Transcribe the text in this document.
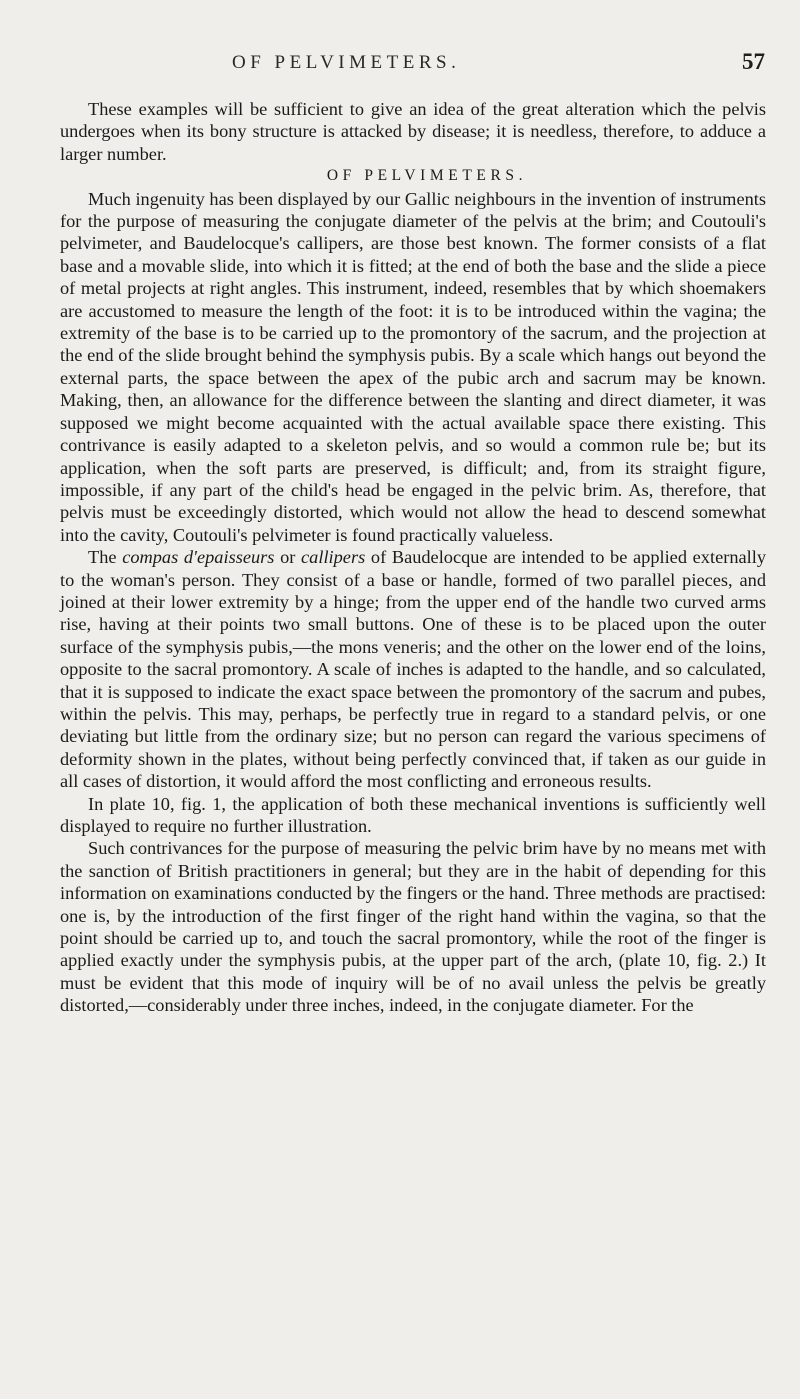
OF PELVIMETERS.	57

These examples will be sufficient to give an idea of the great alteration which the pelvis undergoes when its bony structure is attacked by disease; it is needless, therefore, to adduce a larger number.

OF PELVIMETERS.

Much ingenuity has been displayed by our Gallic neighbours in the invention of instruments for the purpose of measuring the conjugate diameter of the pelvis at the brim; and Coutouli's pelvimeter, and Baudelocque's callipers, are those best known. The former consists of a flat base and a movable slide, into which it is fitted; at the end of both the base and the slide a piece of metal projects at right angles. This instrument, indeed, resembles that by which shoemakers are accustomed to measure the length of the foot: it is to be introduced within the vagina; the extremity of the base is to be carried up to the promontory of the sacrum, and the projection at the end of the slide brought behind the symphysis pubis. By a scale which hangs out beyond the external parts, the space between the apex of the pubic arch and sacrum may be known. Making, then, an allowance for the difference between the slanting and direct diameter, it was supposed we might become acquainted with the actual available space there existing. This contrivance is easily adapted to a skeleton pelvis, and so would a common rule be; but its application, when the soft parts are preserved, is difficult; and, from its straight figure, impossible, if any part of the child's head be engaged in the pelvic brim. As, therefore, that pelvis must be exceedingly distorted, which would not allow the head to descend somewhat into the cavity, Coutouli's pelvimeter is found practically valueless.

The compas d'epaisseurs or callipers of Baudelocque are intended to be applied externally to the woman's person. They consist of a base or handle, formed of two parallel pieces, and joined at their lower extremity by a hinge; from the upper end of the handle two curved arms rise, having at their points two small buttons. One of these is to be placed upon the outer surface of the symphysis pubis,—the mons veneris; and the other on the lower end of the loins, opposite to the sacral promontory. A scale of inches is adapted to the handle, and so calculated, that it is supposed to indicate the exact space between the promontory of the sacrum and pubes, within the pelvis. This may, perhaps, be perfectly true in regard to a standard pelvis, or one deviating but little from the ordinary size; but no person can regard the various specimens of deformity shown in the plates, without being perfectly convinced that, if taken as our guide in all cases of distortion, it would afford the most conflicting and erroneous results.

In plate 10, fig. 1, the application of both these mechanical inventions is sufficiently well displayed to require no further illustration.

Such contrivances for the purpose of measuring the pelvic brim have by no means met with the sanction of British practitioners in general; but they are in the habit of depending for this information on examinations conducted by the fingers or the hand. Three methods are practised: one is, by the introduction of the first finger of the right hand within the vagina, so that the point should be carried up to, and touch the sacral promontory, while the root of the finger is applied exactly under the symphysis pubis, at the upper part of the arch, (plate 10, fig. 2.) It must be evident that this mode of inquiry will be of no avail unless the pelvis be greatly distorted,—considerably under three inches, indeed, in the conjugate diameter. For the
